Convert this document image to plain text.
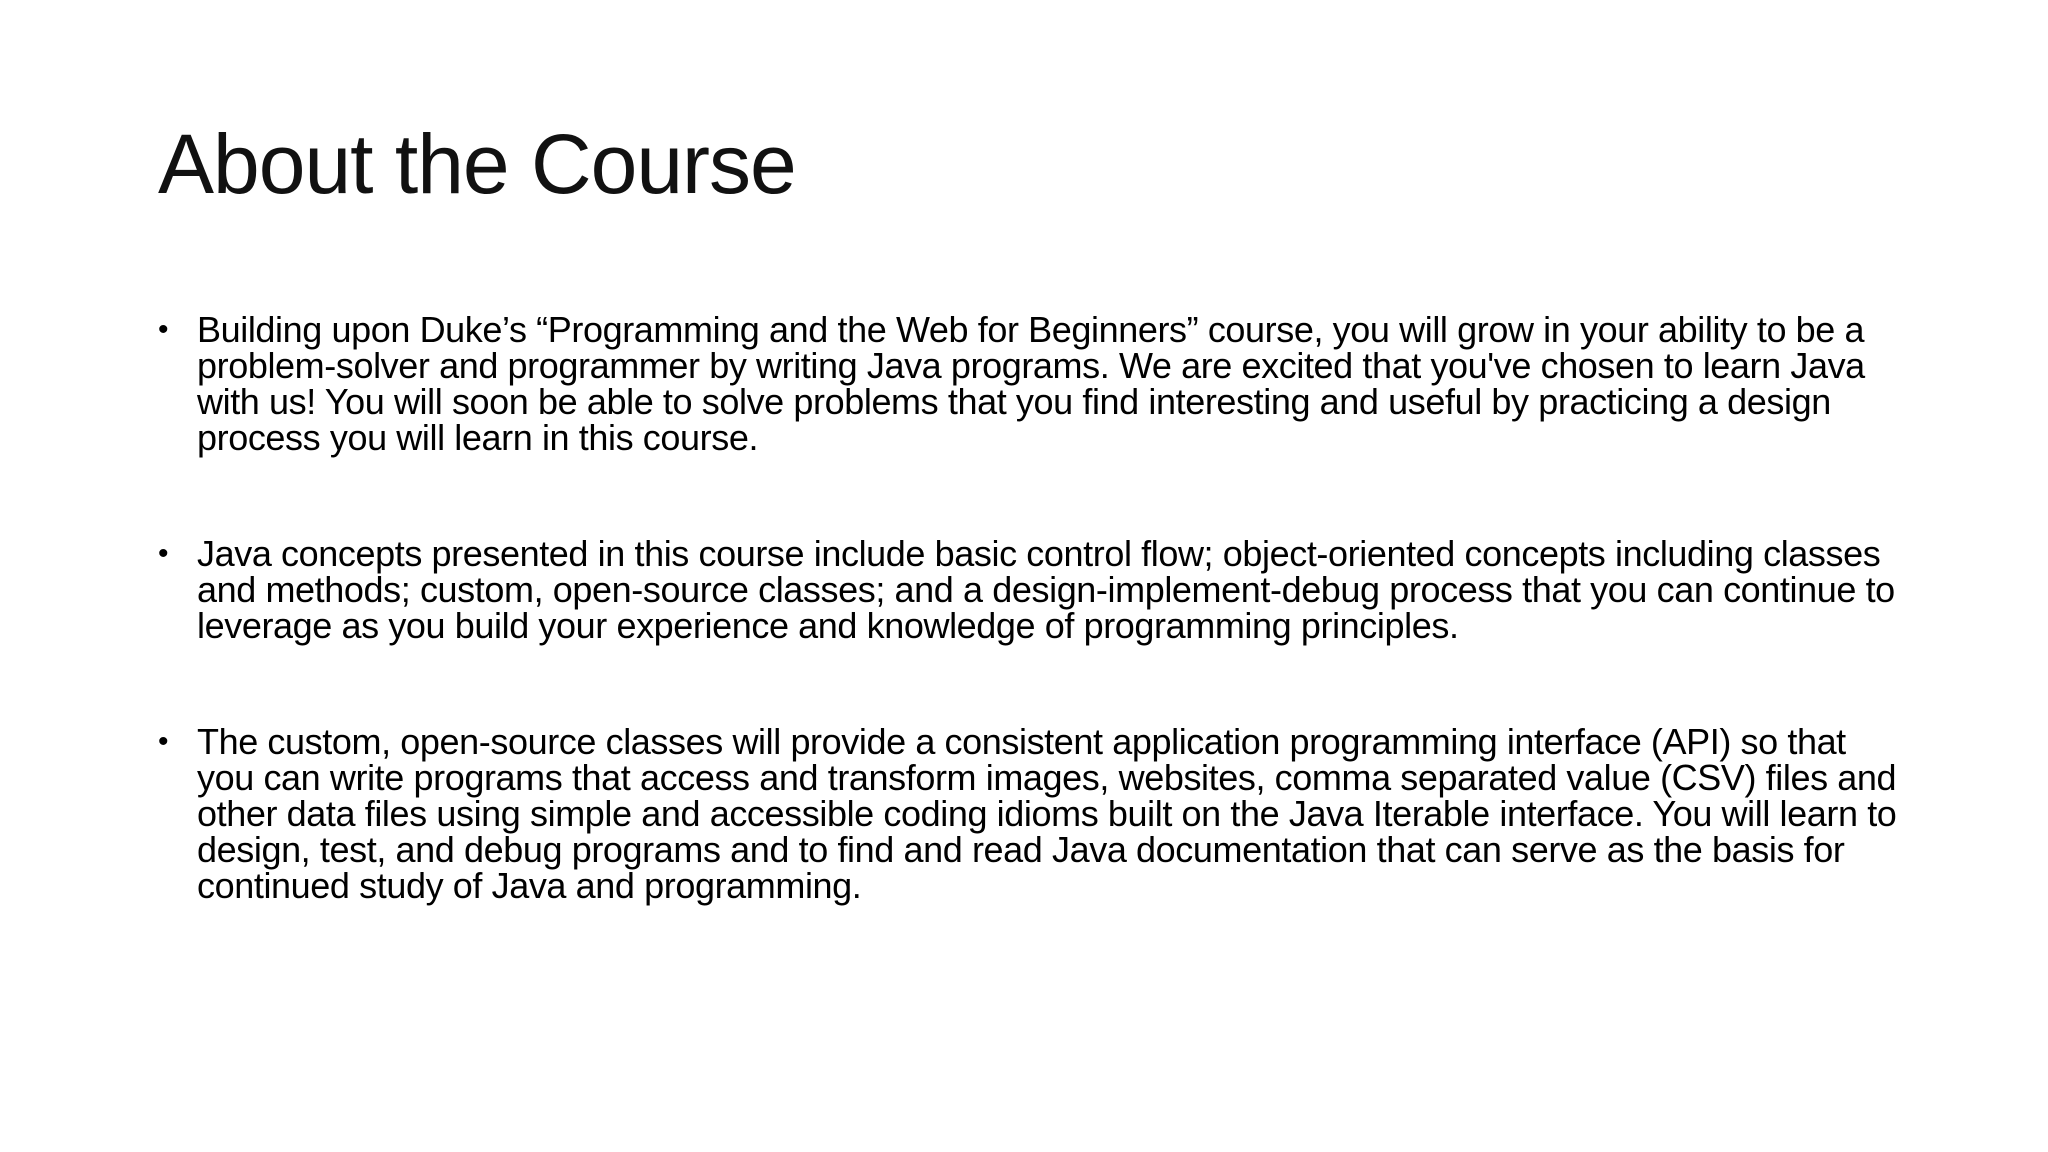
About the Course
• Building upon Duke’s “Programming and the Web for Beginners” course, you will grow in your ability to be a problem-solver and programmer by writing Java programs. We are excited that you've chosen to learn Java with us! You will soon be able to solve problems that you find interesting and useful by practicing a design process you will learn in this course.
• Java concepts presented in this course include basic control flow; object-oriented concepts including classes and methods; custom, open-source classes; and a design-implement-debug process that you can continue to leverage as you build your experience and knowledge of programming principles.
• The custom, open-source classes will provide a consistent application programming interface (API) so that you can write programs that access and transform images, websites, comma separated value (CSV) files and other data files using simple and accessible coding idioms built on the Java Iterable interface. You will learn to design, test, and debug programs and to find and read Java documentation that can serve as the basis for continued study of Java and programming.
